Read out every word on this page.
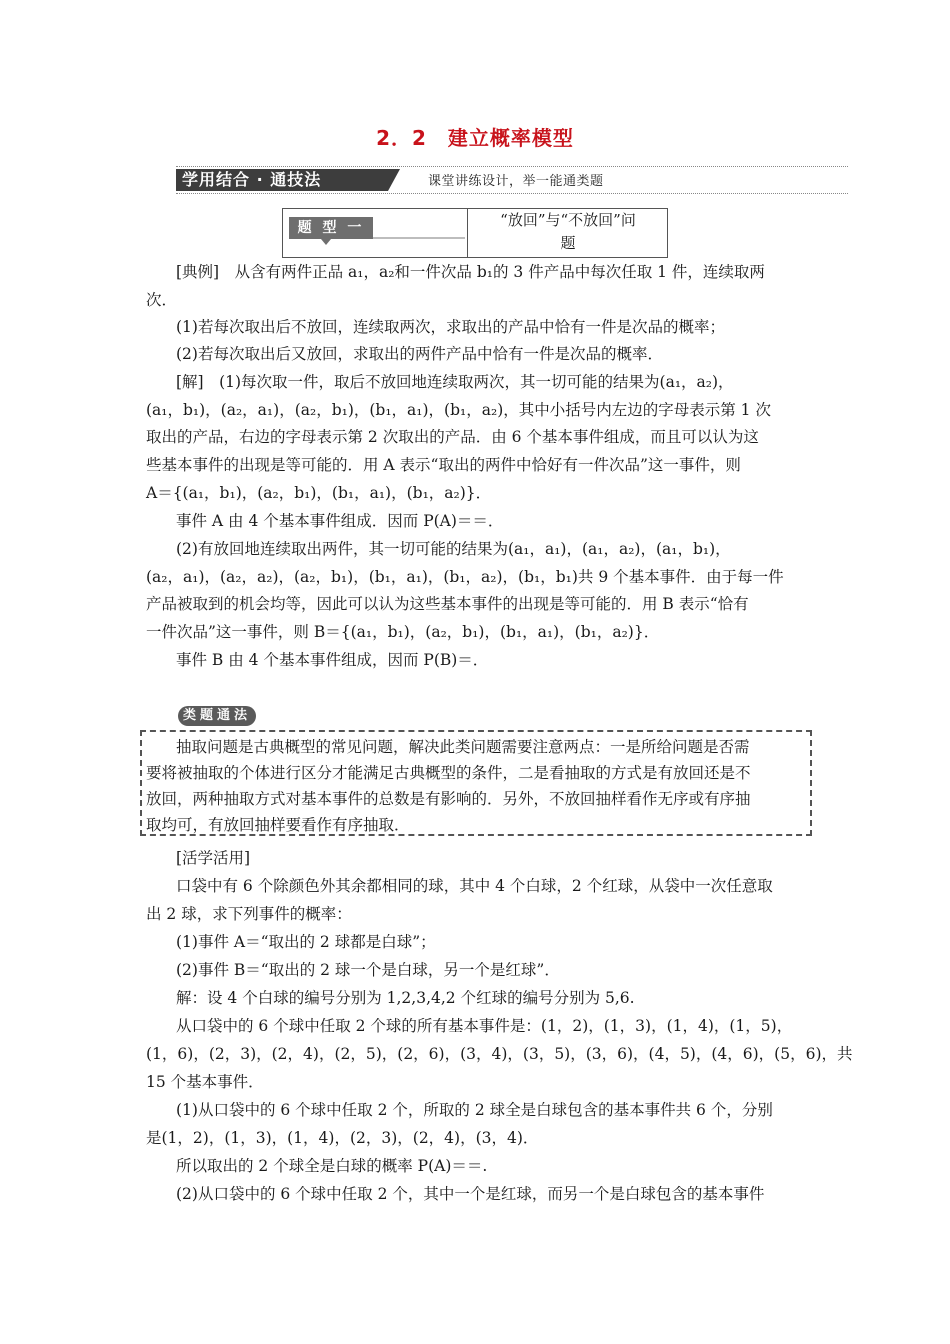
2．2　建立概率模型
学用结合 · 通技法	课堂讲练设计，举一能通类题
题 型 一	“放回”与“不放回”问
题
[典例]　从含有两件正品 a₁，a₂和一件次品 b₁的 3 件产品中每次任取 1 件，连续取两
次．
(1)若每次取出后不放回，连续取两次，求取出的产品中恰有一件是次品的概率；
(2)若每次取出后又放回，求取出的两件产品中恰有一件是次品的概率．
[解]　(1)每次取一件，取后不放回地连续取两次，其一切可能的结果为(a₁，a₂)，
(a₁，b₁)，(a₂，a₁)，(a₂，b₁)，(b₁，a₁)，(b₁，a₂)，其中小括号内左边的字母表示第 1 次
取出的产品，右边的字母表示第 2 次取出的产品．由 6 个基本事件组成，而且可以认为这
些基本事件的出现是等可能的．用 A 表示“取出的两件中恰好有一件次品”这一事件，则
A＝{(a₁，b₁)，(a₂，b₁)，(b₁，a₁)，(b₁，a₂)}．
事件 A 由 4 个基本事件组成．因而 P(A)＝＝．
(2)有放回地连续取出两件，其一切可能的结果为(a₁，a₁)，(a₁，a₂)，(a₁，b₁)，
(a₂，a₁)，(a₂，a₂)，(a₂，b₁)，(b₁，a₁)，(b₁，a₂)，(b₁，b₁)共 9 个基本事件．由于每一件
产品被取到的机会均等，因此可以认为这些基本事件的出现是等可能的．用 B 表示“恰有
一件次品”这一事件，则 B＝{(a₁，b₁)，(a₂，b₁)，(b₁，a₁)，(b₁，a₂)}．
事件 B 由 4 个基本事件组成，因而 P(B)＝．
类题通法
抽取问题是古典概型的常见问题，解决此类问题需要注意两点：一是所给问题是否需
要将被抽取的个体进行区分才能满足古典概型的条件，二是看抽取的方式是有放回还是不
放回，两种抽取方式对基本事件的总数是有影响的．另外，不放回抽样看作无序或有序抽
取均可，有放回抽样要看作有序抽取．
[活学活用]
口袋中有 6 个除颜色外其余都相同的球，其中 4 个白球，2 个红球，从袋中一次任意取
出 2 球，求下列事件的概率：
(1)事件 A＝“取出的 2 球都是白球”；
(2)事件 B＝“取出的 2 球一个是白球，另一个是红球”．
解：设 4 个白球的编号分别为 1,2,3,4,2 个红球的编号分别为 5,6.
从口袋中的 6 个球中任取 2 个球的所有基本事件是：(1，2)，(1，3)，(1，4)，(1，5)，
(1，6)，(2，3)，(2，4)，(2，5)，(2，6)，(3，4)，(3，5)，(3，6)，(4，5)，(4，6)，(5，6)，共
15 个基本事件．
(1)从口袋中的 6 个球中任取 2 个，所取的 2 球全是白球包含的基本事件共 6 个，分别
是(1，2)，(1，3)，(1，4)，(2，3)，(2，4)，(3，4)．
所以取出的 2 个球全是白球的概率 P(A)＝＝.
(2)从口袋中的 6 个球中任取 2 个，其中一个是红球，而另一个是白球包含的基本事件
